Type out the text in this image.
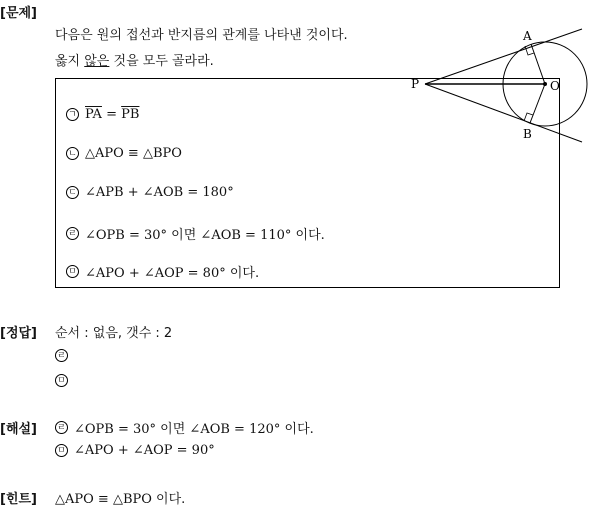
[문제]
다음은 원의 접선과 반지름의 관계를 나타낸 것이다.
옳지 않은 것을 모두 골라라.
A
B
P	O
ㄱ $\overline{PA} = \overline{PB}$
ㄴ △APO ≡ △BPO
ㄷ ∠APB + ∠AOB = 180°
ㄹ ∠OPB = 30° 이면 ∠AOB = 110° 이다.
ㅁ ∠APO + ∠AOP = 80° 이다.
[정답] 순서 : 없음, 갯수 : 2
ㄹ
ㅁ
[해설] ㄹ ∠OPB = 30° 이면 ∠AOB = 120° 이다.
ㅁ ∠APO + ∠AOP = 90°
[힌트] △APO ≡ △BPO 이다.
